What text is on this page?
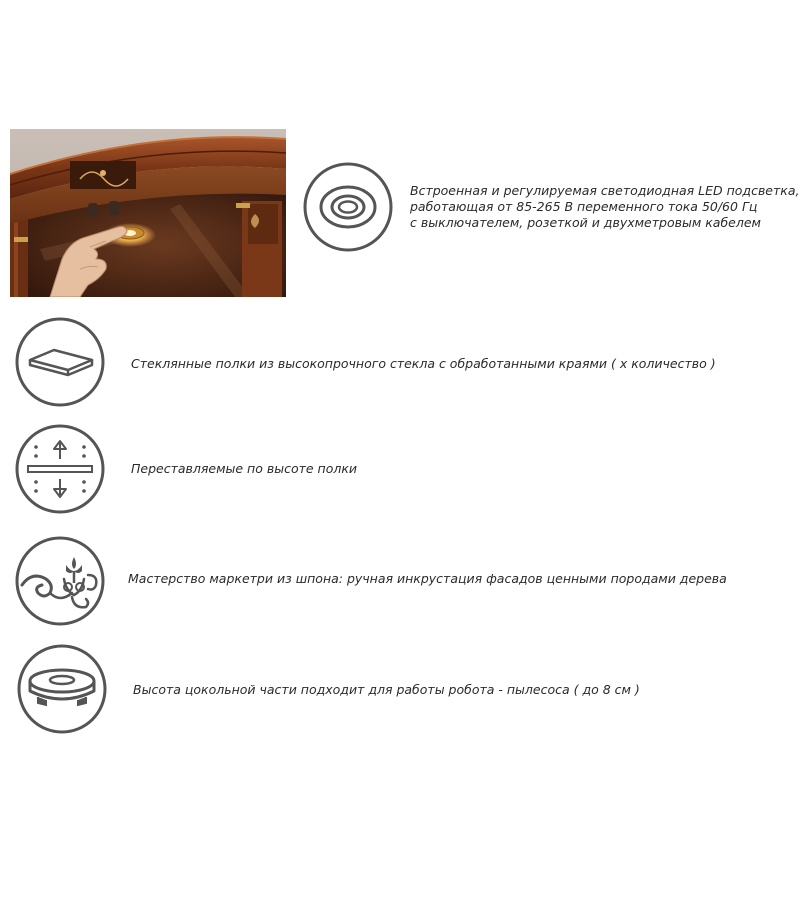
Встроенная и регулируемая светодиодная LED подсветка,
работающая от 85-265 В переменного тока 50/60 Гц
с выключателем, розеткой и двухметровым кабелем
Стеклянные полки из высокопрочного стекла с обработанными краями ( х количество )
Переставляемые по высоте полки
Мастерство маркетри из шпона: ручная инкрустация фасадов ценными породами дерева
Высота цокольной части подходит для работы робота - пылесоса ( до 8 см )
